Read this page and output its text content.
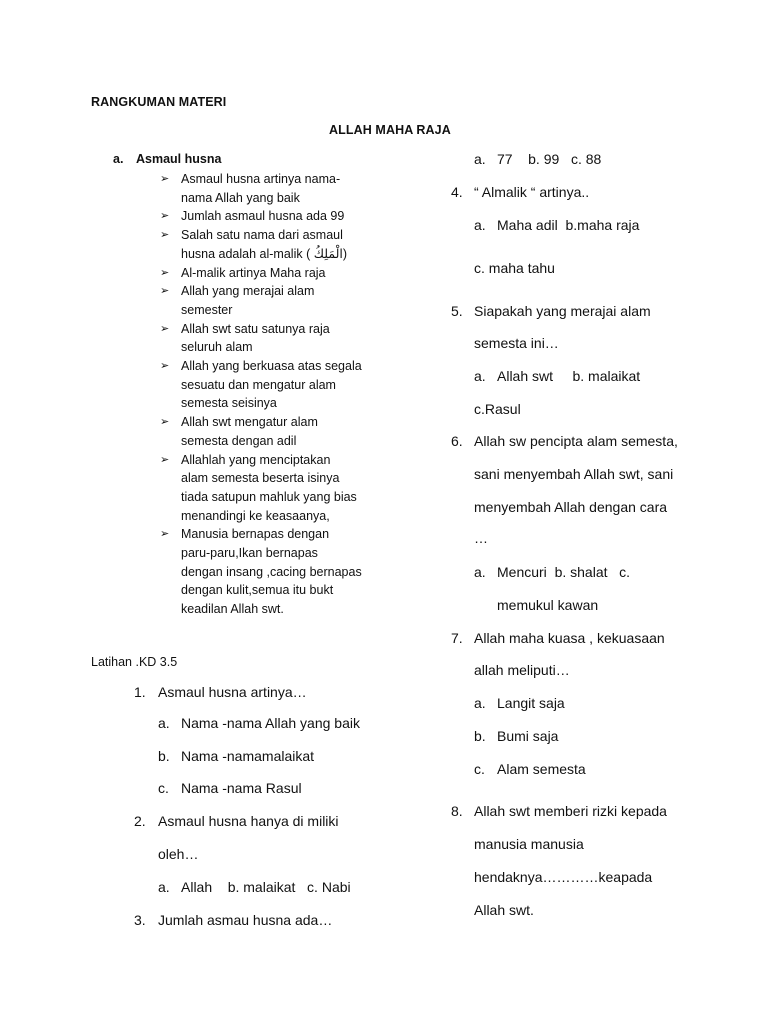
RANGKUMAN MATERI
ALLAH MAHA RAJA
a. Asmaul husna
➢ Asmaul husna artinya nama-
nama Allah yang baik
➢ Jumlah asmaul husna ada 99
➢ Salah satu nama dari asmaul
husna adalah al-malik ( الْمَلِكُ)
➢ Al-malik artinya Maha raja
➢ Allah yang merajai alam
semester
➢ Allah swt satu satunya raja
seluruh alam
➢ Allah yang berkuasa atas segala
sesuatu dan mengatur alam
semesta seisinya
➢ Allah swt mengatur alam
semesta dengan adil
➢ Allahlah yang menciptakan
alam semesta beserta isinya
tiada satupun mahluk yang bias
menandingi ke keasaanya,
➢ Manusia bernapas dengan
paru-paru,Ikan bernapas
dengan insang ,cacing bernapas
dengan kulit,semua itu bukt
keadilan Allah swt.
Latihan .KD 3.5
1. Asmaul husna artinya…
a. Nama -nama Allah yang baik
b. Nama -namamalaikat
c. Nama -nama Rasul
2. Asmaul husna hanya di miliki
oleh…
a. Allah    b. malaikat   c. Nabi
3. Jumlah asmau husna ada…
a. 77    b. 99   c. 88
4. “ Almalik “ artinya..
a. Maha adil  b.maha raja
c. maha tahu
5. Siapakah yang merajai alam
semesta ini…
a. Allah swt     b. malaikat
c.Rasul
6. Allah sw pencipta alam semesta,
sani menyembah Allah swt, sani
menyembah Allah dengan cara
…
a. Mencuri  b. shalat   c.
memukul kawan
7. Allah maha kuasa , kekuasaan
allah meliputi…
a. Langit saja
b. Bumi saja
c. Alam semesta
8. Allah swt memberi rizki kepada
manusia manusia
hendaknya…………keapada
Allah swt.
